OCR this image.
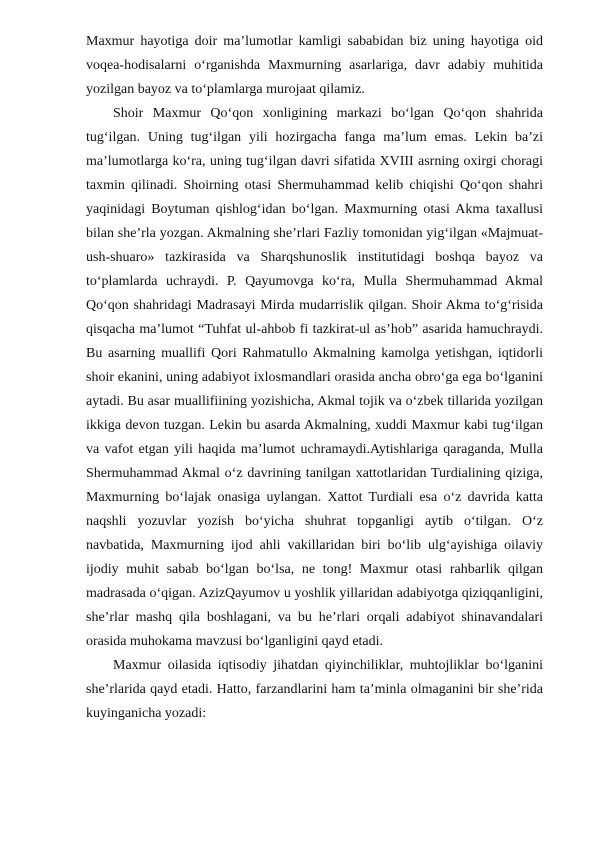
Maxmur hayotiga doir ma’lumotlar kamligi sababidan biz uning hayotiga oid voqea-hodisalarni o‘rganishda Maxmurning asarlariga, davr adabiy muhitida yozilgan bayoz va to‘plamlarga murojaat qilamiz.

Shoir Maxmur Qo‘qon xonligining markazi bo‘lgan Qo‘qon shahrida tug‘ilgan. Uning tug‘ilgan yili hozirgacha fanga ma’lum emas. Lekin ba’zi ma’lumotlarga ko‘ra, uning tug‘ilgan davri sifatida XVIII asrning oxirgi choragi taxmin qilinadi. Shoirning otasi Shermuhammad kelib chiqishi Qo‘qon shahri yaqinidagi Boytuman qishlog‘idan bo‘lgan. Maxmurning otasi Akma taxallusi bilan she’rla yozgan. Akmalning she’rlari Fazliy tomonidan yig‘ilgan «Majmuat-ush-shuaro» tazkirasida va Sharqshunoslik institutidagi boshqa bayoz va to‘plamlarda uchraydi. P. Qayumovga ko‘ra, Mulla Shermuhammad Akmal Qo‘qon shahridagi Madrasayi Mirda mudarrislik qilgan. Shoir Akma to‘g‘risida qisqacha ma’lumot “Tuhfat ul-ahbob fi tazkirat-ul as’hob” asarida hamuchraydi. Bu asarning muallifi Qori Rahmatullo Akmalning kamolga yetishgan, iqtidorli shoir ekanini, uning adabiyot ixlosmandlari orasida ancha obro‘ga ega bo‘lganini aytadi. Bu asar muallifiining yozishicha, Akmal tojik va o‘zbek tillarida yozilgan ikkiga devon tuzgan. Lekin bu asarda Akmalning, xuddi Maxmur kabi tug‘ilgan va vafot etgan yili haqida ma’lumot uchramaydi.Aytishlariga qaraganda, Mulla Shermuhammad Akmal o‘z davrining tanilgan xattotlaridan Turdialining qiziga, Maxmurning bo‘lajak onasiga uylangan. Xattot Turdiali esa o‘z davrida katta naqshli yozuvlar yozish bo‘yicha shuhrat topganligi aytib o‘tilgan. O‘z navbatida, Maxmurning ijod ahli vakillaridan biri bo‘lib ulg‘ayishiga oilaviy ijodiy muhit sabab bo‘lgan bo‘lsa, ne tong! Maxmur otasi rahbarlik qilgan madrasada o‘qigan. AzizQayumov u yoshlik yillaridan adabiyotga qiziqqanligini, she’rlar mashq qila boshlagani, va bu he’rlari orqali adabiyot shinavandalari orasida muhokama mavzusi bo‘lganligini qayd etadi.

Maxmur oilasida iqtisodiy jihatdan qiyinchiliklar, muhtojliklar bo‘lganini she’rlarida qayd etadi. Hatto, farzandlarini ham ta’minla olmaganini bir she’rida kuyinganicha yozadi:
